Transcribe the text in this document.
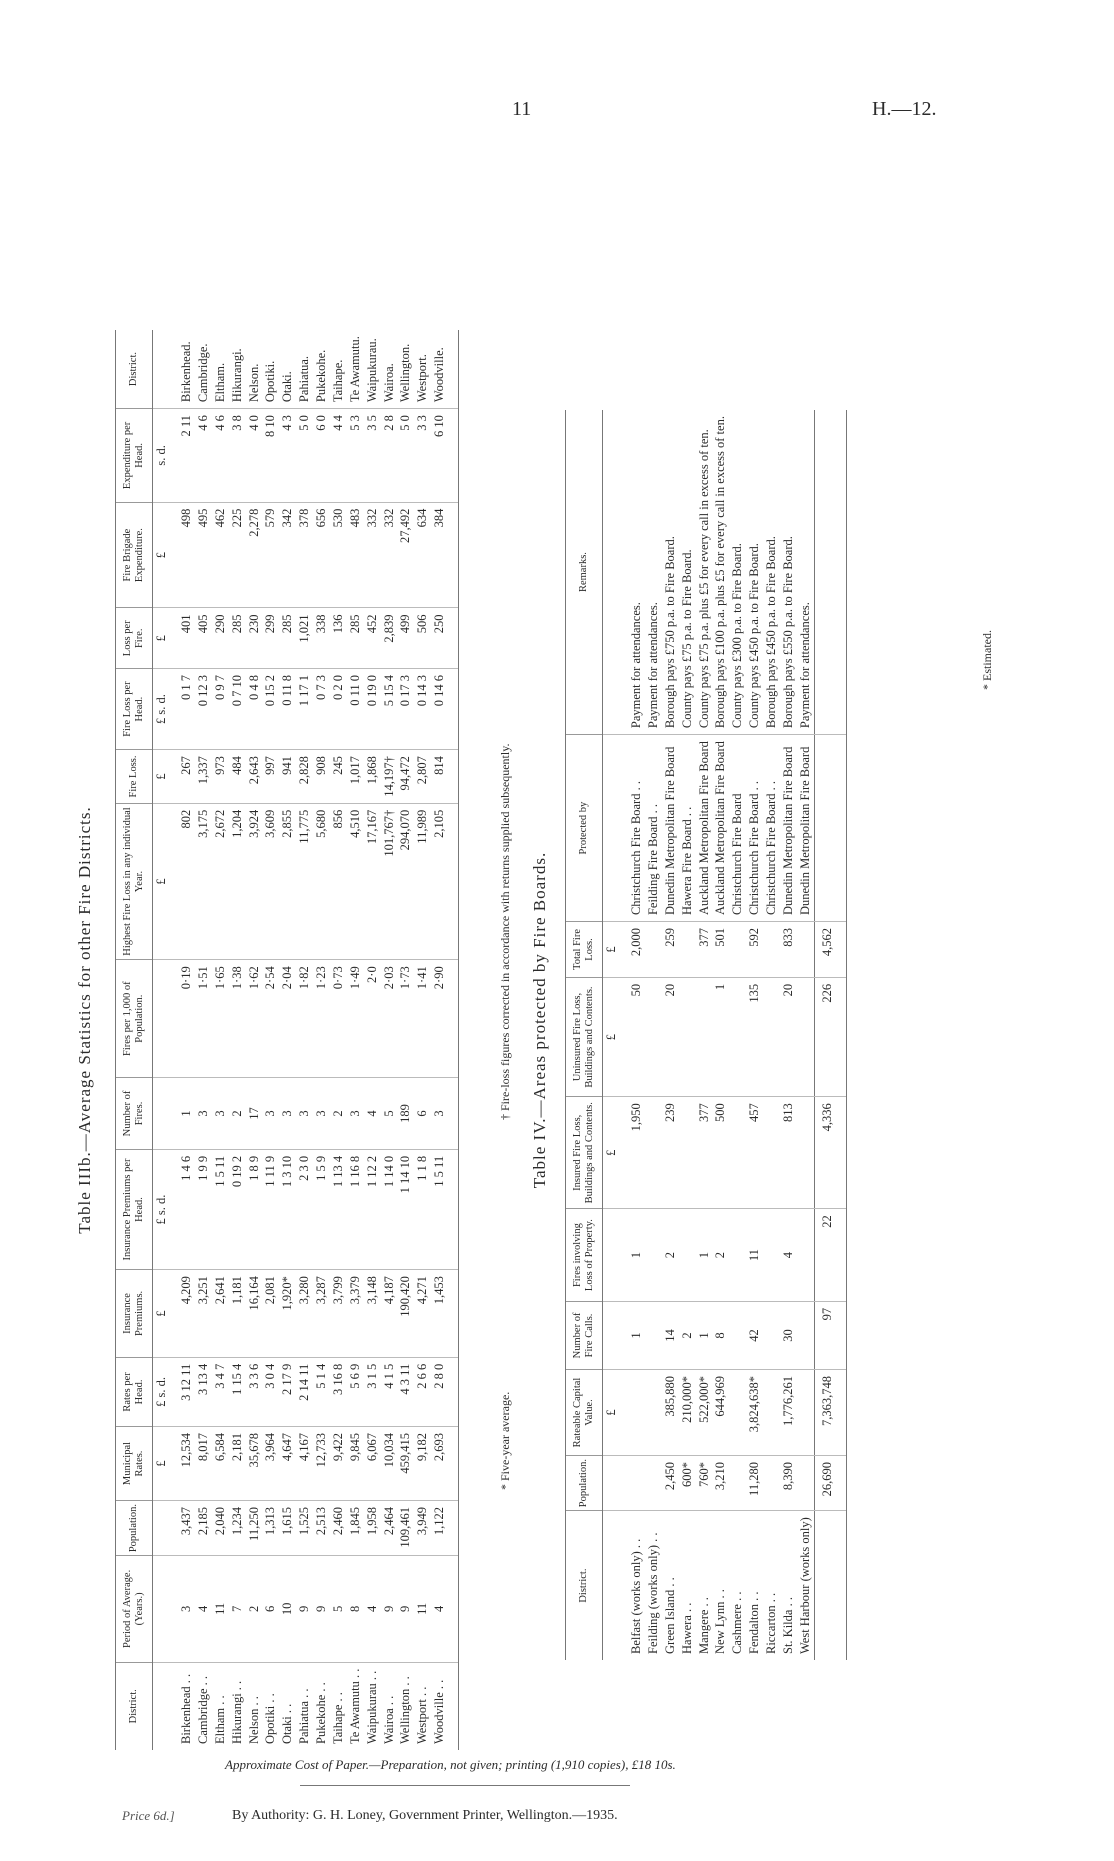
11	H.—12.
Table IIIb.—Average Statistics for other Fire Districts.
District.	Period of Average. (Years.)	Population.	Municipal Rates.	Rates per Head.	Insurance Premiums.	Insurance Premiums per Head.	Number of Fires.	Fires per 1,000 of Population.	Highest Fire Loss in any individual Year.	Fire Loss.	Fire Loss per Head.	Loss per Fire.	Fire Brigade Expenditure.	Expenditure per Head.	District.
			£	£ s. d.	£	£ s. d.			£	£	£ s. d.	£	£	s. d.	
Birkenhead . .	3	3,437	12,534	3 12 11	4,209	1 4 6	1	0·19	802	267	0 1 7	401	498	2 11	Birkenhead.
Cambridge . .	4	2,185	8,017	3 13 4	3,251	1 9 9	3	1·51	3,175	1,337	0 12 3	405	495	4 6	Cambridge.
Eltham . .	11	2,040	6,584	3 4 7	2,641	1 5 11	3	1·65	2,672	973	0 9 7	290	462	4 6	Eltham.
Hikurangi . .	7	1,234	2,181	1 15 4	1,181	0 19 2	2	1·38	1,204	484	0 7 10	285	225	3 8	Hikurangi.
Nelson . .	2	11,250	35,678	3 3 6	16,164	1 8 9	17	1·62	3,924	2,643	0 4 8	230	2,278	4 0	Nelson.
Opotiki . .	6	1,313	3,964	3 0 4	2,081	1 11 9	3	2·54	3,609	997	0 15 2	299	579	8 10	Opotiki.
Otaki . .	10	1,615	4,647	2 17 9	1,920*	1 3 10	3	2·04	2,855	941	0 11 8	285	342	4 3	Otaki.
Pahiatua . .	9	1,525	4,167	2 14 11	3,280	2 3 0	3	1·82	11,775	2,828	1 17 1	1,021	378	5 0	Pahiatua.
Pukekohe . .	9	2,513	12,733	5 1 4	3,287	1 5 9	3	1·23	5,680	908	0 7 3	338	656	6 0	Pukekohe.
Taihape . .	5	2,460	9,422	3 16 8	3,799	1 13 4	2	0·73	856	245	0 2 0	136	530	4 4	Taihape.
Te Awamutu . .	8	1,845	9,845	5 6 9	3,379	1 16 8	3	1·49	4,510	1,017	0 11 0	285	483	5 3	Te Awamutu.
Waipukurau . .	4	1,958	6,067	3 1 5	3,148	1 12 2	4	2·0	17,167	1,868	0 19 0	452	332	3 5	Waipukurau.
Wairoa . .	9	2,464	10,034	4 1 5	4,187	1 14 0	5	2·03	101,767†	14,197†	5 15 4	2,839	332	2 8	Wairoa.
Wellington . .	9	109,461	459,415	4 3 11	190,420	1 14 10	189	1·73	294,070	94,472	0 17 3	499	27,492	5 0	Wellington.
Westport . .	11	3,949	9,182	2 6 6	4,271	1 1 8	6	1·41	11,989	2,807	0 14 3	506	634	3 3	Westport.
Woodville . .	4	1,122	2,693	2 8 0	1,453	1 5 11	3	2·90	2,105	814	0 14 6	250	384	6 10	Woodville.
* Five-year average.
† Fire-loss figures corrected in accordance with returns supplied subsequently. Table IV.—Areas protected by Fire Boards.
District.	Population.	Rateable Capital Value.	Number of Fire Calls.	Fires involving Loss of Property.	Insured Fire Loss, Buildings and Contents.	Uninsured Fire Loss, Buildings and Contents.	Total Fire Loss.	Protected by	Remarks.
		£			£	£	£		
Belfast (works only) . .			1	1	1,950	50	2,000	Christchurch Fire Board . .	Payment for attendances.
Feilding (works only) . .								Feilding Fire Board . .	Payment for attendances.
Green Island . .	2,450	385,880	14	2	239	20	259	Dunedin Metropolitan Fire Board	Borough pays £750 p.a. to Fire Board.
Hawera . .	600*	210,000*	2					Hawera Fire Board . .	County pays £75 p.a. to Fire Board.
Mangere . .	760*	522,000*	1	1	377		377	Auckland Metropolitan Fire Board	County pays £75 p.a. plus £5 for every call in excess of ten.
New Lynn . .	3,210	644,969	8	2	500	1	501	Auckland Metropolitan Fire Board	Borough pays £100 p.a. plus £5 for every call in excess of ten.
Cashmere . .								Christchurch Fire Board	County pays £300 p.a. to Fire Board.
Fendalton . .	11,280	3,824,638*	42	11	457	135	592	Christchurch Fire Board . .	County pays £450 p.a. to Fire Board.
Riccarton . .								Christchurch Fire Board . .	Borough pays £450 p.a. to Fire Board.
St. Kilda . .	8,390	1,776,261	30	4	813	20	833	Dunedin Metropolitan Fire Board	Borough pays £550 p.a. to Fire Board.
West Harbour (works only)								Dunedin Metropolitan Fire Board	Payment for attendances.
	26,690	7,363,748	97	22	4,336	226	4,562		
* Estimated.
Approximate Cost of Paper.—Preparation, not given; printing (1,910 copies), £18 10s.
Price 6d.]	By Authority: G. H. Loney, Government Printer, Wellington.—1935.
